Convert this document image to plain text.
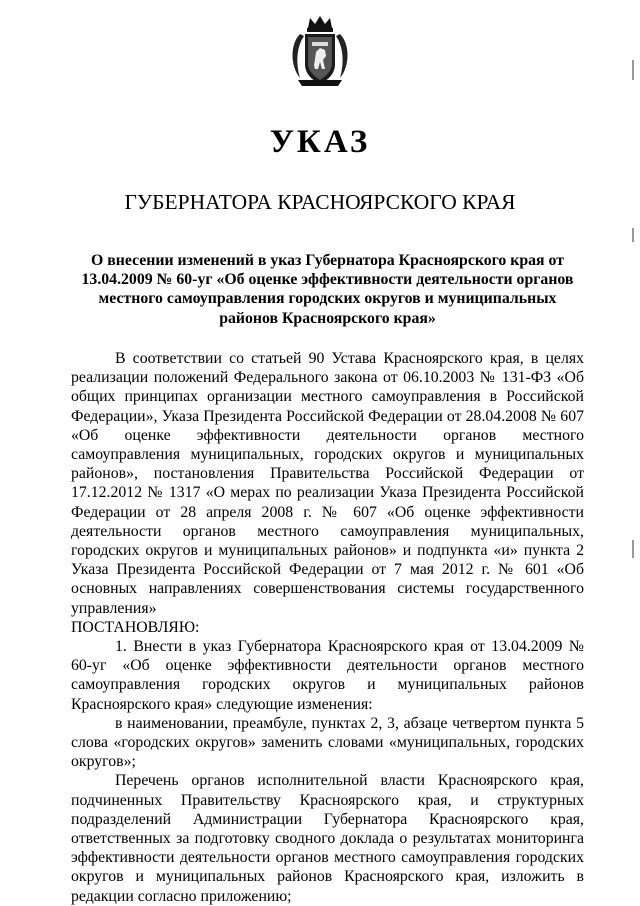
УКАЗ
ГУБЕРНАТОРА КРАСНОЯРСКОГО КРАЯ
О внесении изменений в указ Губернатора Красноярского края от 13.04.2009 № 60-уг «Об оценке эффективности деятельности органов местного самоуправления городских округов и муниципальных районов Красноярского края»

В соответствии со статьей 90 Устава Красноярского края, в целях реализации положений Федерального закона от 06.10.2003 № 131-ФЗ «Об общих принципах организации местного самоуправления в Российской Федерации», Указа Президента Российской Федерации от 28.04.2008 № 607 «Об оценке эффективности деятельности органов местного самоуправления муниципальных, городских округов и муниципальных районов», постановления Правительства Российской Федерации от 17.12.2012 № 1317 «О мерах по реализации Указа Президента Российской Федерации от 28 апреля 2008 г. № 607 «Об оценке эффективности деятельности органов местного самоуправления муниципальных, городских округов и муниципальных районов» и подпункта «и» пункта 2 Указа Президента Российской Федерации от 7 мая 2012 г. № 601 «Об основных направлениях совершенствования системы государственного управления»

ПОСТАНОВЛЯЮ:

1. Внести в указ Губернатора Красноярского края от 13.04.2009 № 60-уг «Об оценке эффективности деятельности органов местного самоуправления городских округов и муниципальных районов Красноярского края» следующие изменения:

в наименовании, преамбуле, пунктах 2, 3, абзаце четвертом пункта 5 слова «городских округов» заменить словами «муниципальных, городских округов»;

Перечень органов исполнительной власти Красноярского края, подчиненных Правительству Красноярского края, и структурных подразделений Администрации Губернатора Красноярского края, ответственных за подготовку сводного доклада о результатах мониторинга эффективности деятельности органов местного самоуправления городских округов и муниципальных районов Красноярского края, изложить в редакции согласно приложению;
